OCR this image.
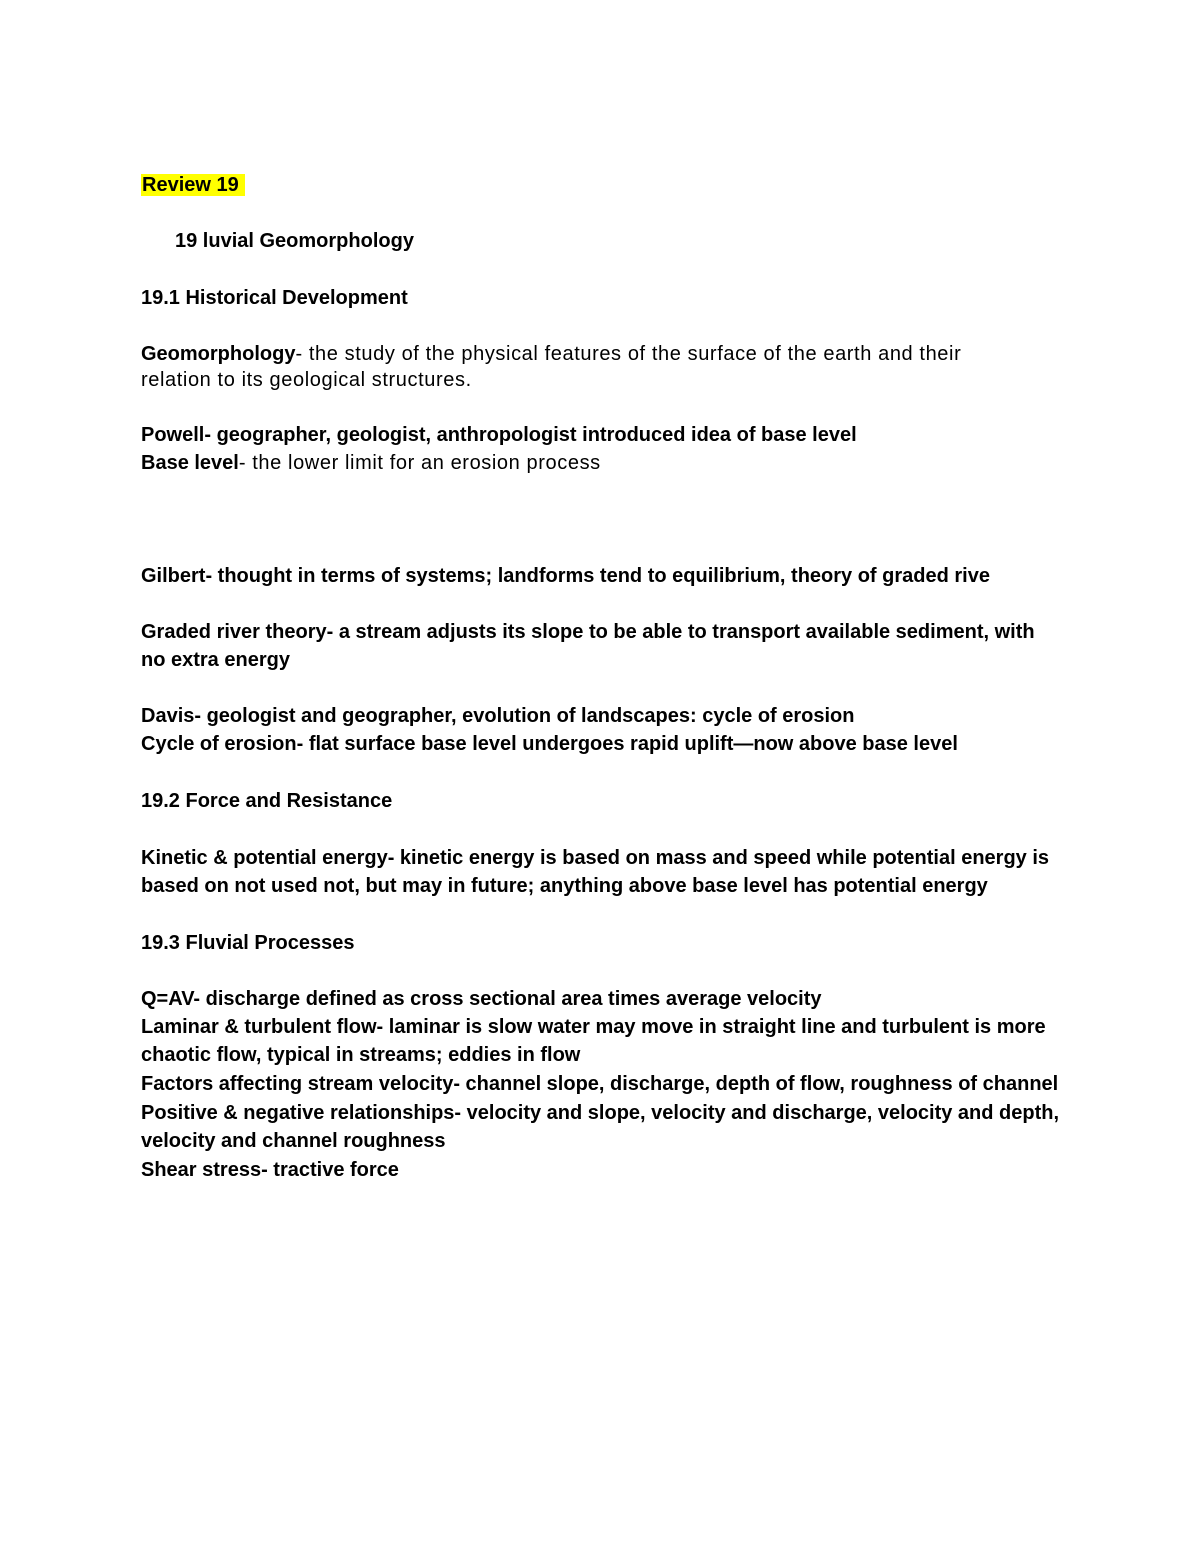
Review 19
19 luvial Geomorphology
19.1 Historical Development
Geomorphology- the study of the physical features of the surface of the earth and their
relation to its geological structures.
Powell- geographer, geologist, anthropologist introduced idea of base level
Base level- the lower limit for an erosion process
Gilbert- thought in terms of systems; landforms tend to equilibrium, theory of graded rive
Graded river theory- a stream adjusts its slope to be able to transport available sediment, with
no extra energy
Davis- geologist and geographer, evolution of landscapes: cycle of erosion
Cycle of erosion- flat surface base level undergoes rapid uplift—now above base level
19.2 Force and Resistance
Kinetic & potential energy- kinetic energy is based on mass and speed while potential energy is
based on not used not, but may in future; anything above base level has potential energy
19.3 Fluvial Processes
Q=AV- discharge defined as cross sectional area times average velocity
Laminar & turbulent flow- laminar is slow water may move in straight line and turbulent is more
chaotic flow, typical in streams; eddies in flow
Factors affecting stream velocity- channel slope, discharge, depth of flow, roughness of channel
Positive & negative relationships- velocity and slope, velocity and discharge, velocity and depth,
velocity and channel roughness
Shear stress- tractive force
